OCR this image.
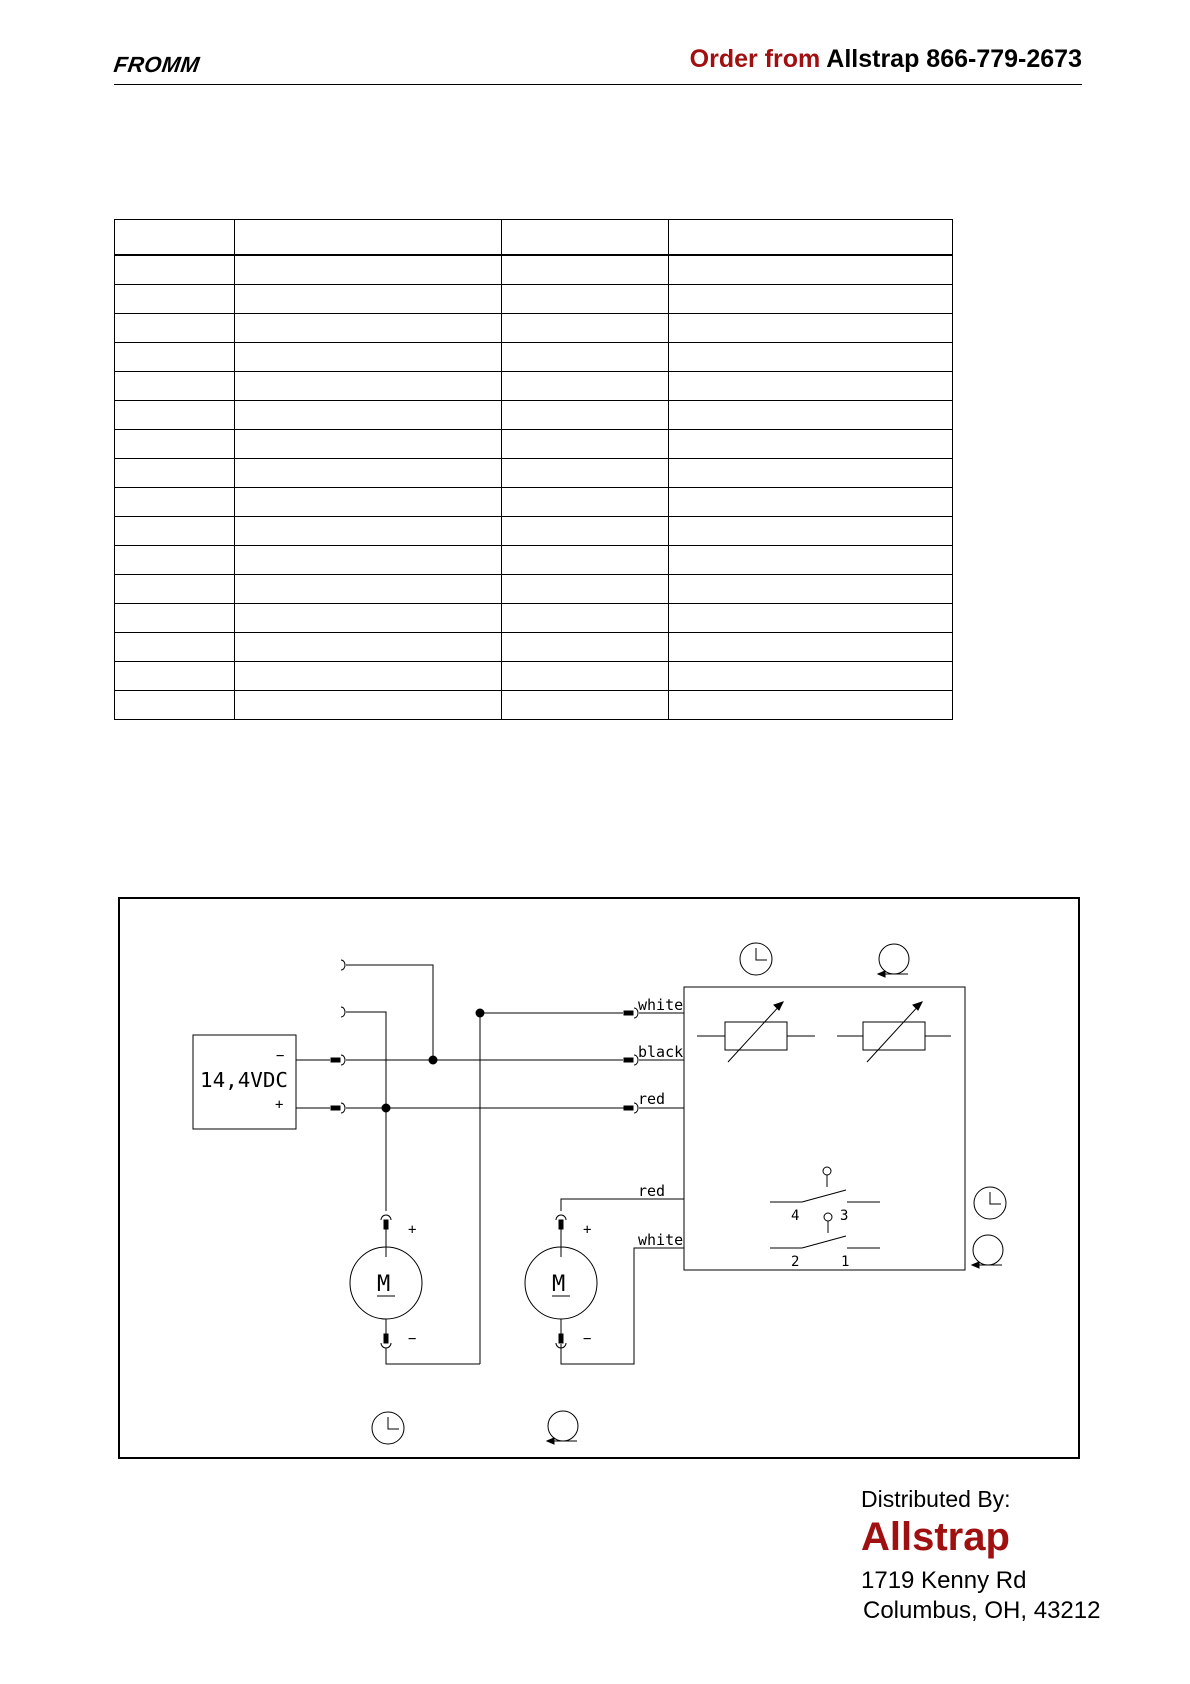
FROMM	Order from Allstrap 866-779-2673

−
14,4VDC
+
white
black
red
4	3
2	1
red
white
+
M
−
+
M
−
Distributed By:
Allstrap
1719 Kenny Rd
Columbus, OH, 43212
